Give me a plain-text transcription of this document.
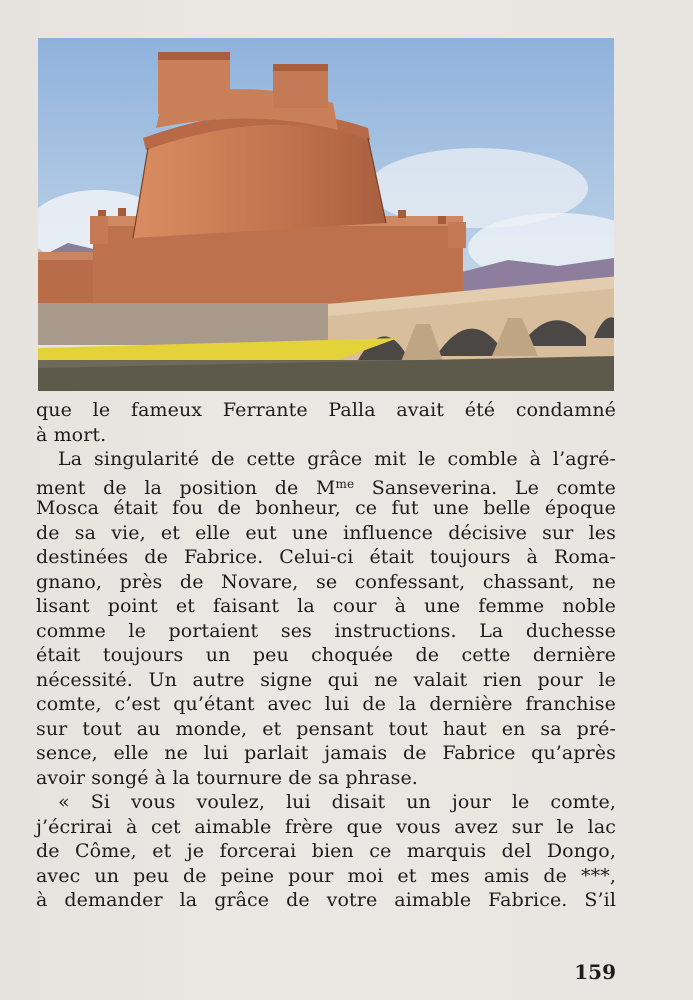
que le fameux Ferrante Palla avait été condamné
à mort.
La singularité de cette grâce mit le comble à l’agré-
ment de la position de $M^{me}$ Sanseverina. Le comte
Mosca était fou de bonheur, ce fut une belle époque
de sa vie, et elle eut une influence décisive sur les
destinées de Fabrice. Celui-ci était toujours à Roma-
gnano, près de Novare, se confessant, chassant, ne
lisant point et faisant la cour à une femme noble
comme le portaient ses instructions. La duchesse
était toujours un peu choquée de cette dernière
nécessité. Un autre signe qui ne valait rien pour le
comte, c’est qu’étant avec lui de la dernière franchise
sur tout au monde, et pensant tout haut en sa pré-
sence, elle ne lui parlait jamais de Fabrice qu’après
avoir songé à la tournure de sa phrase.
« Si vous voulez, lui disait un jour le comte,
j’écrirai à cet aimable frère que vous avez sur le lac
de Côme, et je forcerai bien ce marquis del Dongo,
avec un peu de peine pour moi et mes amis de ***,
à demander la grâce de votre aimable Fabrice. S’il
159
